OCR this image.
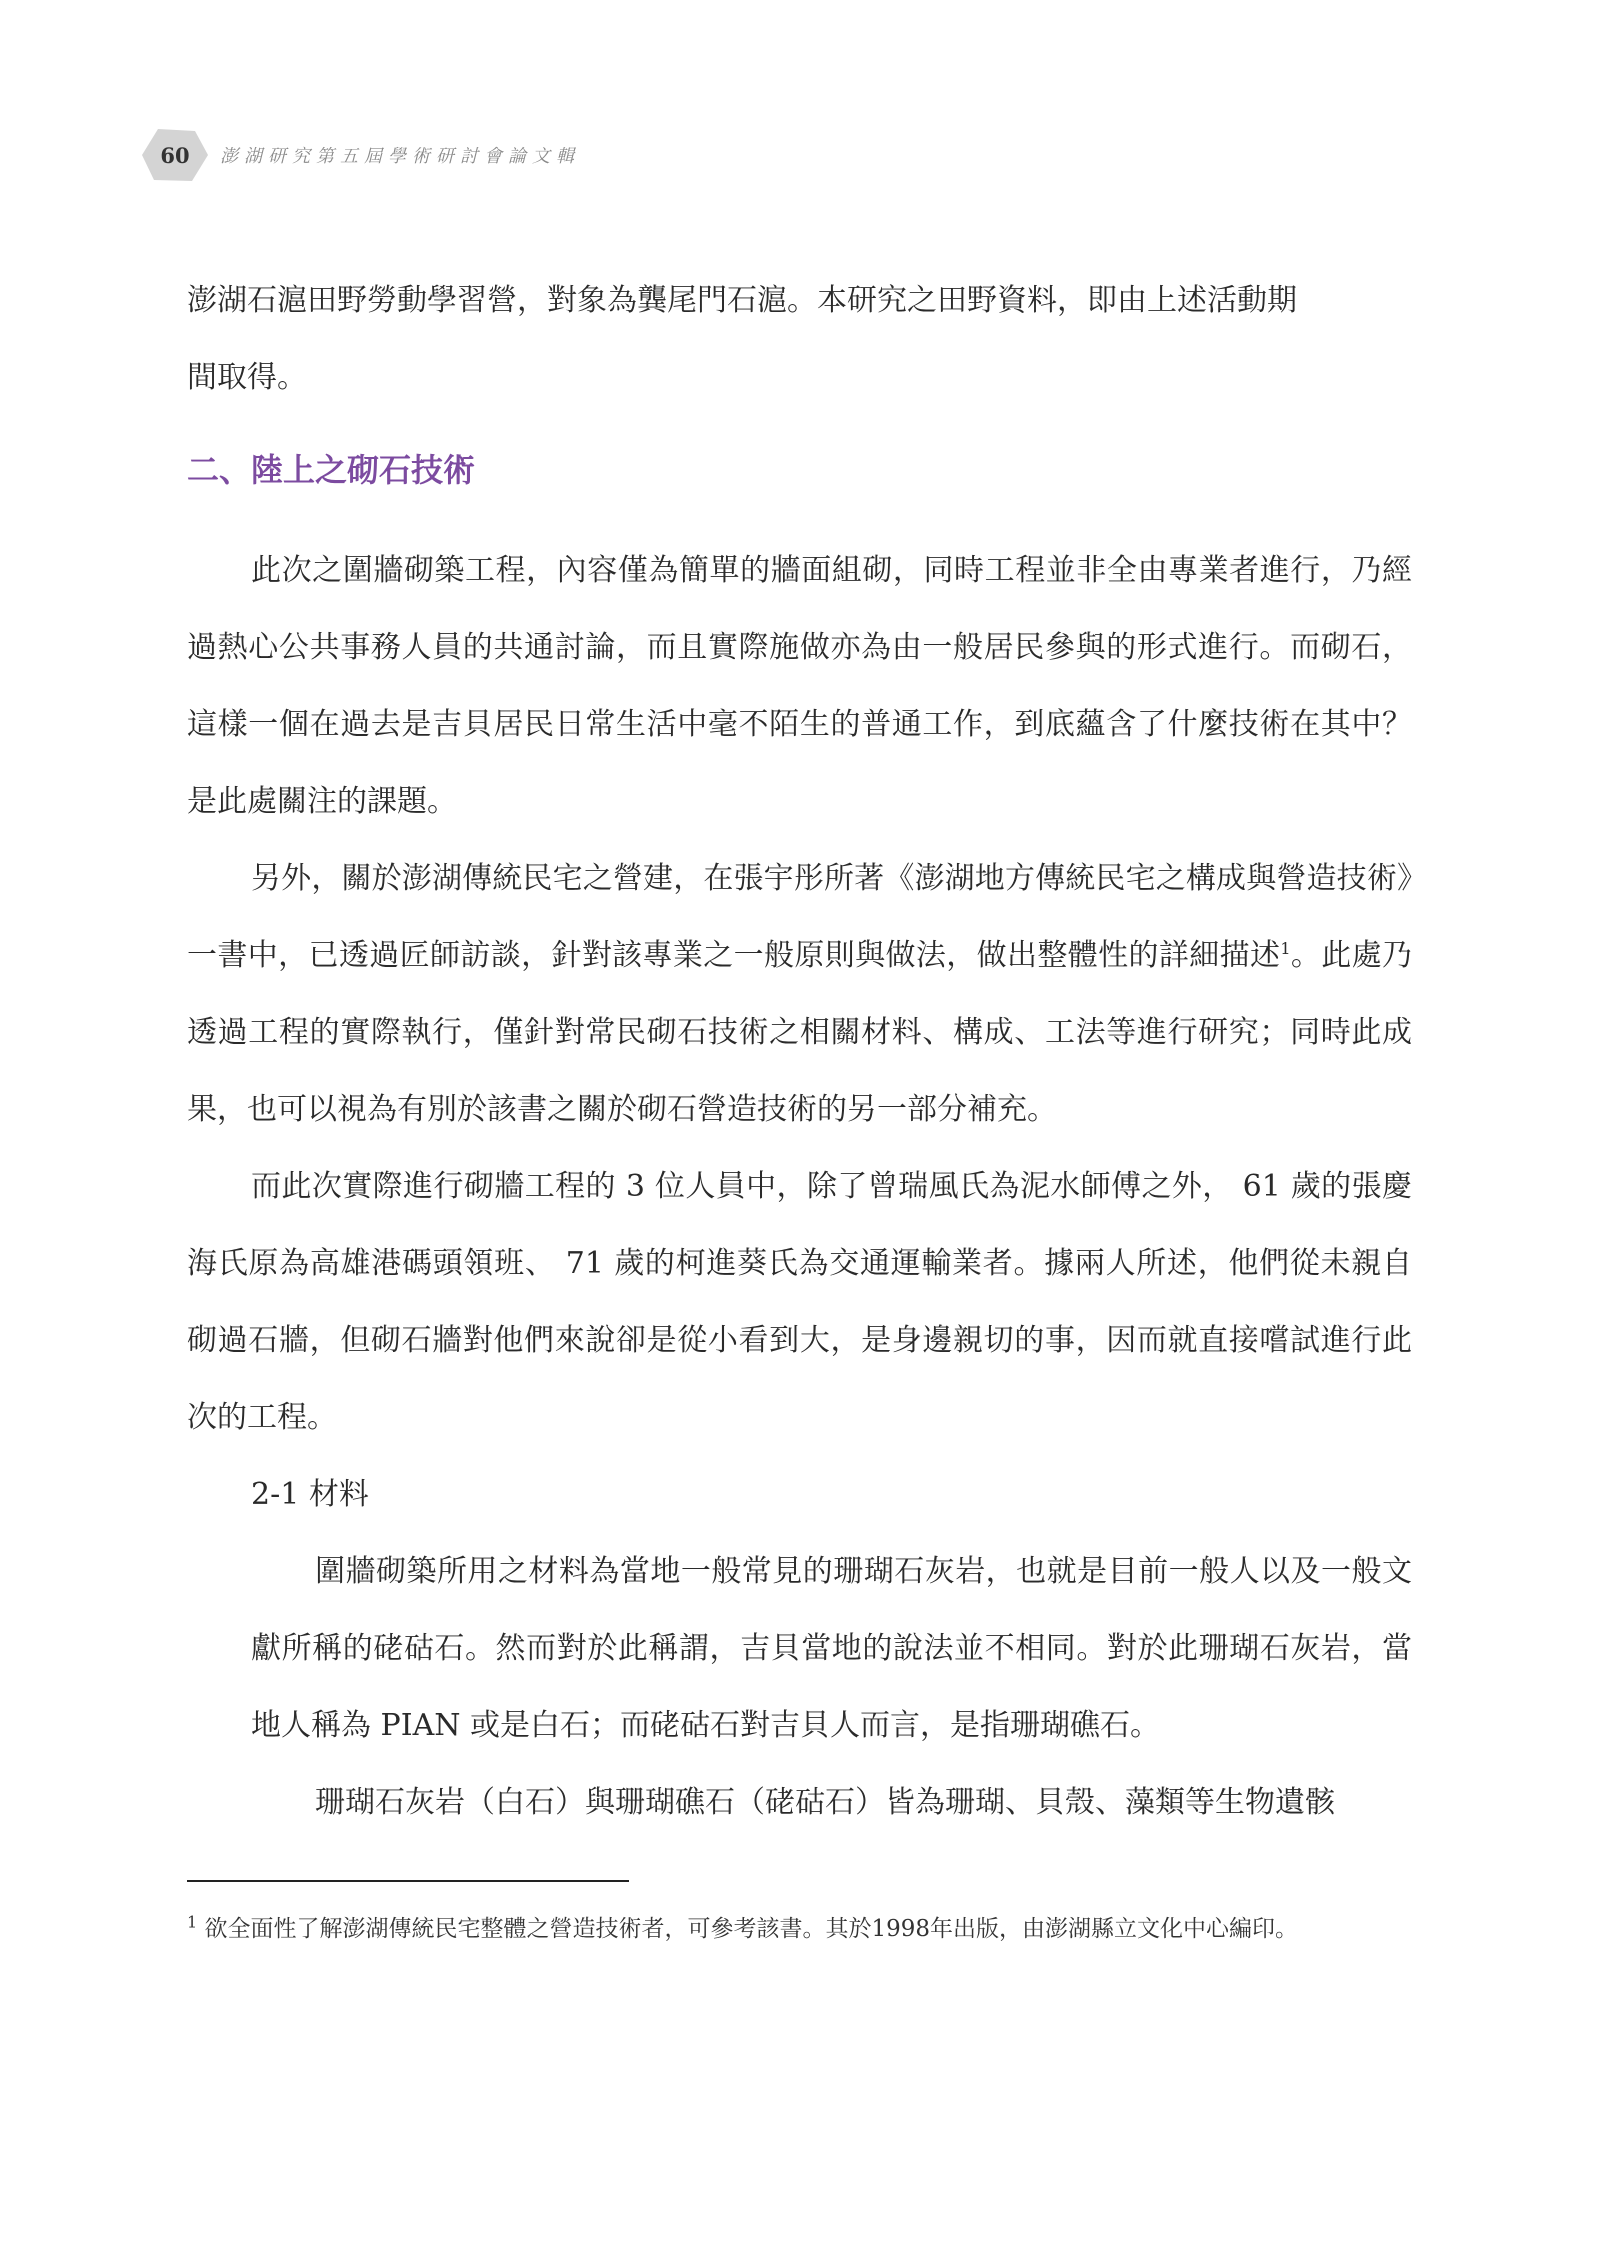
60 澎湖研究第五屆學術研討會論文輯

澎湖石滬田野勞動學習營，對象為龔尾門石滬。本研究之田野資料，即由上述活動期

間取得。

二、陸上之砌石技術

此次之圍牆砌築工程，內容僅為簡單的牆面組砌，同時工程並非全由專業者進行，乃經過熱心公共事務人員的共通討論，而且實際施做亦為由一般居民參與的形式進行。而砌石，這樣一個在過去是吉貝居民日常生活中毫不陌生的普通工作，到底蘊含了什麼技術在其中？是此處關注的課題。

另外，關於澎湖傳統民宅之營建，在張宇彤所著《澎湖地方傳統民宅之構成與營造技術》一書中，已透過匠師訪談，針對該專業之一般原則與做法，做出整體性的詳細描述$^1$。此處乃透過工程的實際執行，僅針對常民砌石技術之相關材料、構成、工法等進行研究；同時此成果，也可以視為有別於該書之關於砌石營造技術的另一部分補充。

而此次實際進行砌牆工程的 3 位人員中，除了曾瑞風氏為泥水師傅之外， 61 歲的張慶海氏原為高雄港碼頭領班、 71 歲的柯進葵氏為交通運輸業者。據兩人所述，他們從未親自砌過石牆，但砌石牆對他們來說卻是從小看到大，是身邊親切的事，因而就直接嚐試進行此次的工程。

2-1 材料

圍牆砌築所用之材料為當地一般常見的珊瑚石灰岩，也就是目前一般人以及一般文獻所稱的硓𥑮石。然而對於此稱謂，吉貝當地的說法並不相同。對於此珊瑚石灰岩，當地人稱為 PIAN 或是白石；而硓𥑮石對吉貝人而言，是指珊瑚礁石。

珊瑚石灰岩（白石）與珊瑚礁石（硓𥑮石）皆為珊瑚、貝殼、藻類等生物遺骸

$^1$ 欲全面性了解澎湖傳統民宅整體之營造技術者，可參考該書。其於1998年出版，由澎湖縣立文化中心編印。
